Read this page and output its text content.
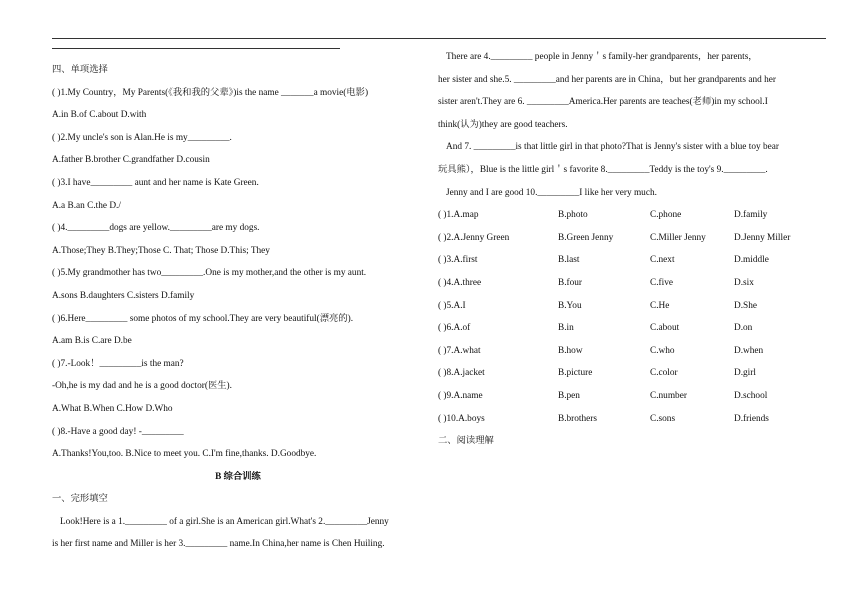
四、单项选择
( )1.My Country，My Parents(《我和我的父辈》)is the name _______a movie(电影)
A.in B.of C.about D.with
( )2.My uncle's son is Alan.He is my_________.
A.father B.brother C.grandfather D.cousin
( )3.I have_________ aunt and her name is Kate Green.
A.a B.an C.the D./
( )4._________dogs are yellow._________are my dogs.
A.Those;They B.They;Those C. That; Those D.This; They
( )5.My grandmother has two_________.One is my mother,and the other is my aunt.
A.sons B.daughters C.sisters D.family
( )6.Here_________ some photos of my school.They are very beautiful(漂亮的).
A.am B.is C.are D.be
( )7.-Look！_________is the man?
-Oh,he is my dad and he is a good doctor(医生).
A.What B.When C.How D.Who
( )8.-Have a good day! -_________
A.Thanks!You,too. B.Nice to meet you. C.I'm fine,thanks. D.Goodbye.
B 综合训练
一、完形填空
Look!Here is a 1._________ of a girl.She is an American girl.What's 2._________Jenny
is her first name and Miller is her 3._________ name.In China,her name is Chen Huiling.
There are 4._________ people in Jenny＇s family-her grandparents，her parents，
her sister and she.5. _________and her parents are in China，but her grandparents and her
sister aren't.They are 6. _________America.Her parents are teaches(老师)in my school.I
think(认为)they are good teachers.
And 7. _________is that little girl in that photo?That is Jenny's sister with a blue toy bear
玩具熊），Blue is the little girl＇s favorite 8._________Teddy is the toy's 9._________.
Jenny and I are good 10._________I like her very much.
( )1.A.map	B.photo	C.phone	D.family
( )2.A.Jenny Green	B.Green Jenny	C.Miller Jenny	D.Jenny Miller
( )3.A.first	B.last	C.next	D.middle
( )4.A.three	B.four	C.five	D.six
( )5.A.I	B.You	C.He	D.She
( )6.A.of	B.in	C.about	D.on
( )7.A.what	B.how	C.who	D.when
( )8.A.jacket	B.picture	C.color	D.girl
( )9.A.name	B.pen	C.number	D.school
( )10.A.boys	B.brothers	C.sons	D.friends
二、阅读理解
